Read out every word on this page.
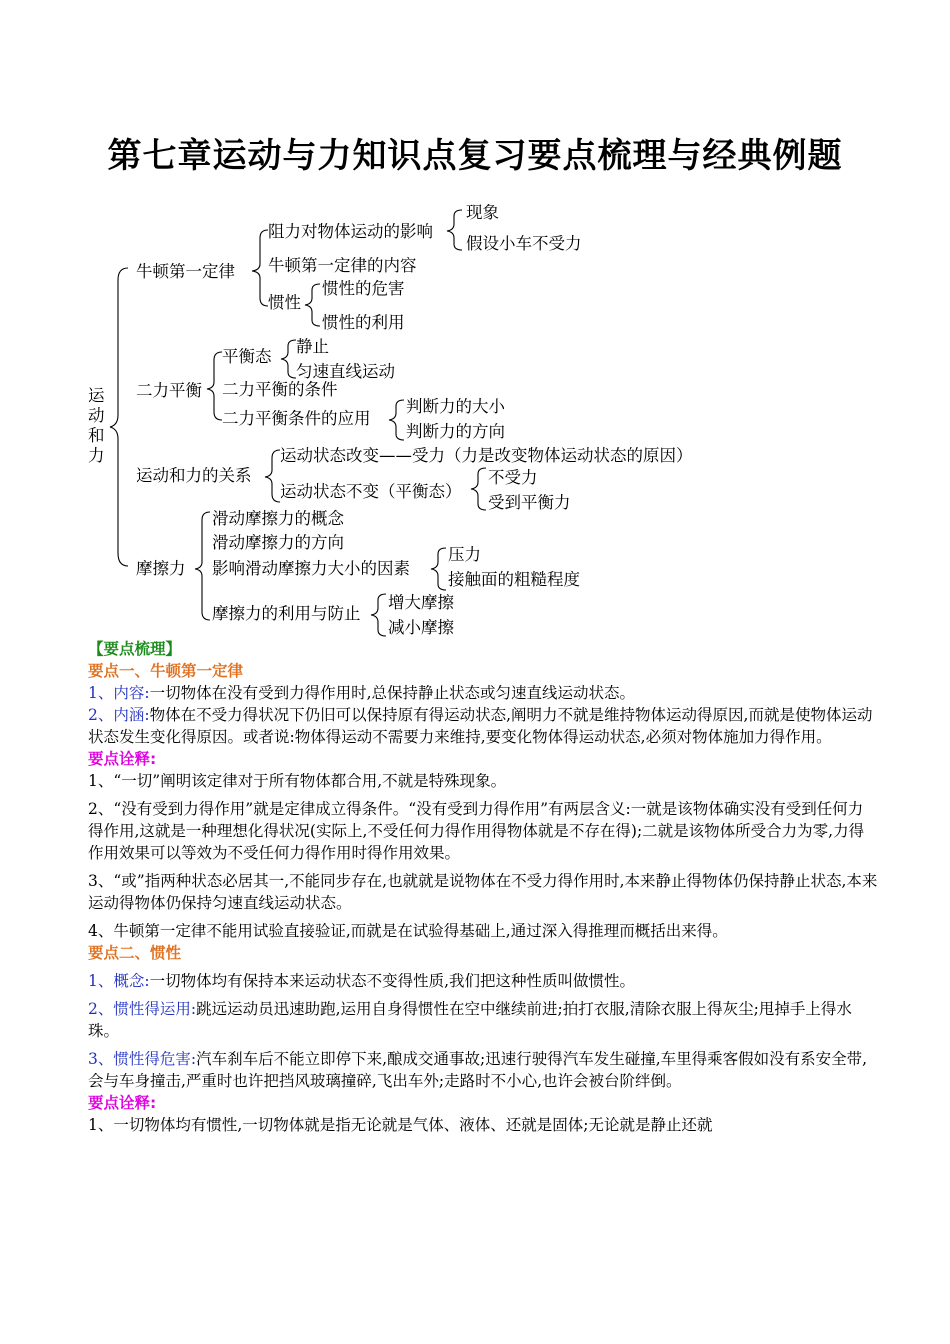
第七章运动与力知识点复习要点梳理与经典例题
运
动
和
力
牛顿第一定律
二力平衡
运动和力的关系
摩擦力
阻力对物体运动的影响
牛顿第一定律的内容
惯性
现象
假设小车不受力
惯性的危害
惯性的利用
平衡态
二力平衡的条件
二力平衡条件的应用
静止
匀速直线运动
判断力的大小
判断力的方向
运动状态改变——受力（力是改变物体运动状态的原因）
运动状态不变（平衡态）
不受力
受到平衡力
滑动摩擦力的概念
滑动摩擦力的方向
影响滑动摩擦力大小的因素
摩擦力的利用与防止
压力
接触面的粗糙程度
增大摩擦
减小摩擦

【要点梳理】

要点一、牛顿第一定律

1、内容:一切物体在没有受到力得作用时,总保持静止状态或匀速直线运动状态。

2、内涵:物体在不受力得状况下仍旧可以保持原有得运动状态,阐明力不就是维持物体运动得原因,而就是使物体运动状态发生变化得原因。或者说:物体得运动不需要力来维持,要变化物体得运动状态,必须对物体施加力得作用。

要点诠释:

1、“一切”阐明该定律对于所有物体都合用,不就是特殊现象。

2、“没有受到力得作用”就是定律成立得条件。“没有受到力得作用”有两层含义:一就是该物体确实没有受到任何力得作用,这就是一种理想化得状况(实际上,不受任何力得作用得物体就是不存在得);二就是该物体所受合力为零,力得作用效果可以等效为不受任何力得作用时得作用效果。

3、“或”指两种状态必居其一,不能同步存在,也就就是说物体在不受力得作用时,本来静止得物体仍保持静止状态,本来运动得物体仍保持匀速直线运动状态。

4、牛顿第一定律不能用试验直接验证,而就是在试验得基础上,通过深入得推理而概括出来得。

要点二、惯性

1、概念:一切物体均有保持本来运动状态不变得性质,我们把这种性质叫做惯性。

2、惯性得运用:跳远运动员迅速助跑,运用自身得惯性在空中继续前进;拍打衣服,清除衣服上得灰尘;甩掉手上得水珠。

3、惯性得危害:汽车刹车后不能立即停下来,酿成交通事故;迅速行驶得汽车发生碰撞,车里得乘客假如没有系安全带,会与车身撞击,严重时也许把挡风玻璃撞碎,飞出车外;走路时不小心,也许会被台阶绊倒。

要点诠释:

1、一切物体均有惯性,一切物体就是指无论就是气体、液体、还就是固体;无论就是静止还就
